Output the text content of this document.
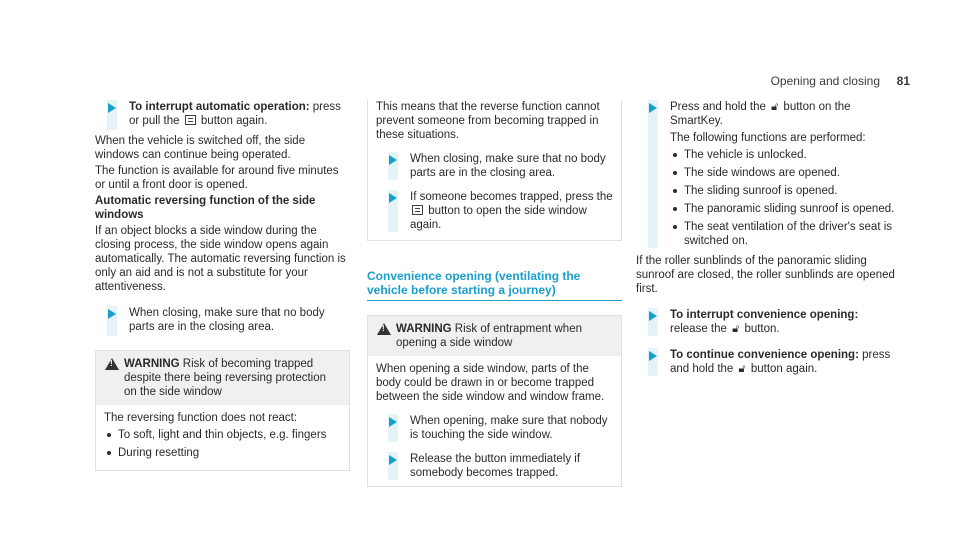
Opening and closing 81

To interrupt automatic operation: press or pull the  button again.

When the vehicle is switched off, the side windows can continue being operated.

The function is available for around five minutes or until a front door is opened.

Automatic reversing function of the side windows

If an object blocks a side window during the closing process, the side window opens again automatically. The automatic reversing function is only an aid and is not a substitute for your attentiveness.

When closing, make sure that no body parts are in the closing area.

!
WARNING Risk of becoming trapped despite there being reversing protection on the side window

The reversing function does not react:

To soft, light and thin objects, e.g. fingers
During resetting

This means that the reverse function cannot prevent someone from becoming trapped in these situations.

When closing, make sure that no body parts are in the closing area.

If someone becomes trapped, press the  button to open the side window again.

Convenience opening (ventilating the vehicle before starting a journey)
!
WARNING Risk of entrapment when opening a side window

When opening a side window, parts of the body could be drawn in or become trapped between the side window and window frame.

When opening, make sure that nobody is touching the side window.

Release the button immediately if somebody becomes trapped.

Press and hold the 🔓︎ button on the SmartKey.

The following functions are performed:

The vehicle is unlocked.
The side windows are opened.
The sliding sunroof is opened.
The panoramic sliding sunroof is opened.
The seat ventilation of the driver's seat is switched on.

If the roller sunblinds of the panoramic sliding sunroof are closed, the roller sunblinds are opened first.

To interrupt convenience opening: release the 🔓︎ button.

To continue convenience opening: press and hold the 🔓︎ button again.
